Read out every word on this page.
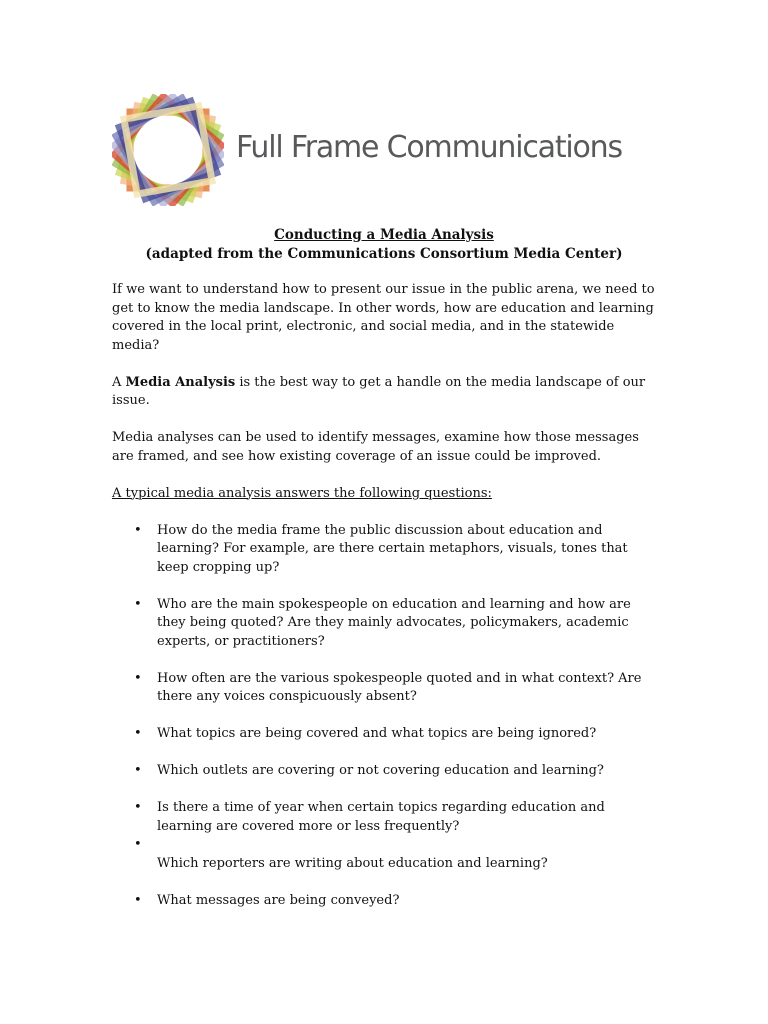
Full Frame Communications
Conducting a Media Analysis
(adapted from the Communications Consortium Media Center)

If we want to understand how to present our issue in the public arena, we need to get to know the media landscape. In other words, how are education and learning covered in the local print, electronic, and social media, and in the statewide media?

A Media Analysis is the best way to get a handle on the media landscape of our issue.

Media analyses can be used to identify messages, examine how those messages are framed, and see how existing coverage of an issue could be improved.

A typical media analysis answers the following questions:

• How do the media frame the public discussion about education and learning? For example, are there certain metaphors, visuals, tones that keep cropping up?
• Who are the main spokespeople on education and learning and how are they being quoted? Are they mainly advocates, policymakers, academic experts, or practitioners?
• How often are the various spokespeople quoted and in what context? Are there any voices conspicuously absent?
• What topics are being covered and what topics are being ignored?
• Which outlets are covering or not covering education and learning?
• Is there a time of year when certain topics regarding education and learning are covered more or less frequently?
•
Which reporters are writing about education and learning?
• What messages are being conveyed?
